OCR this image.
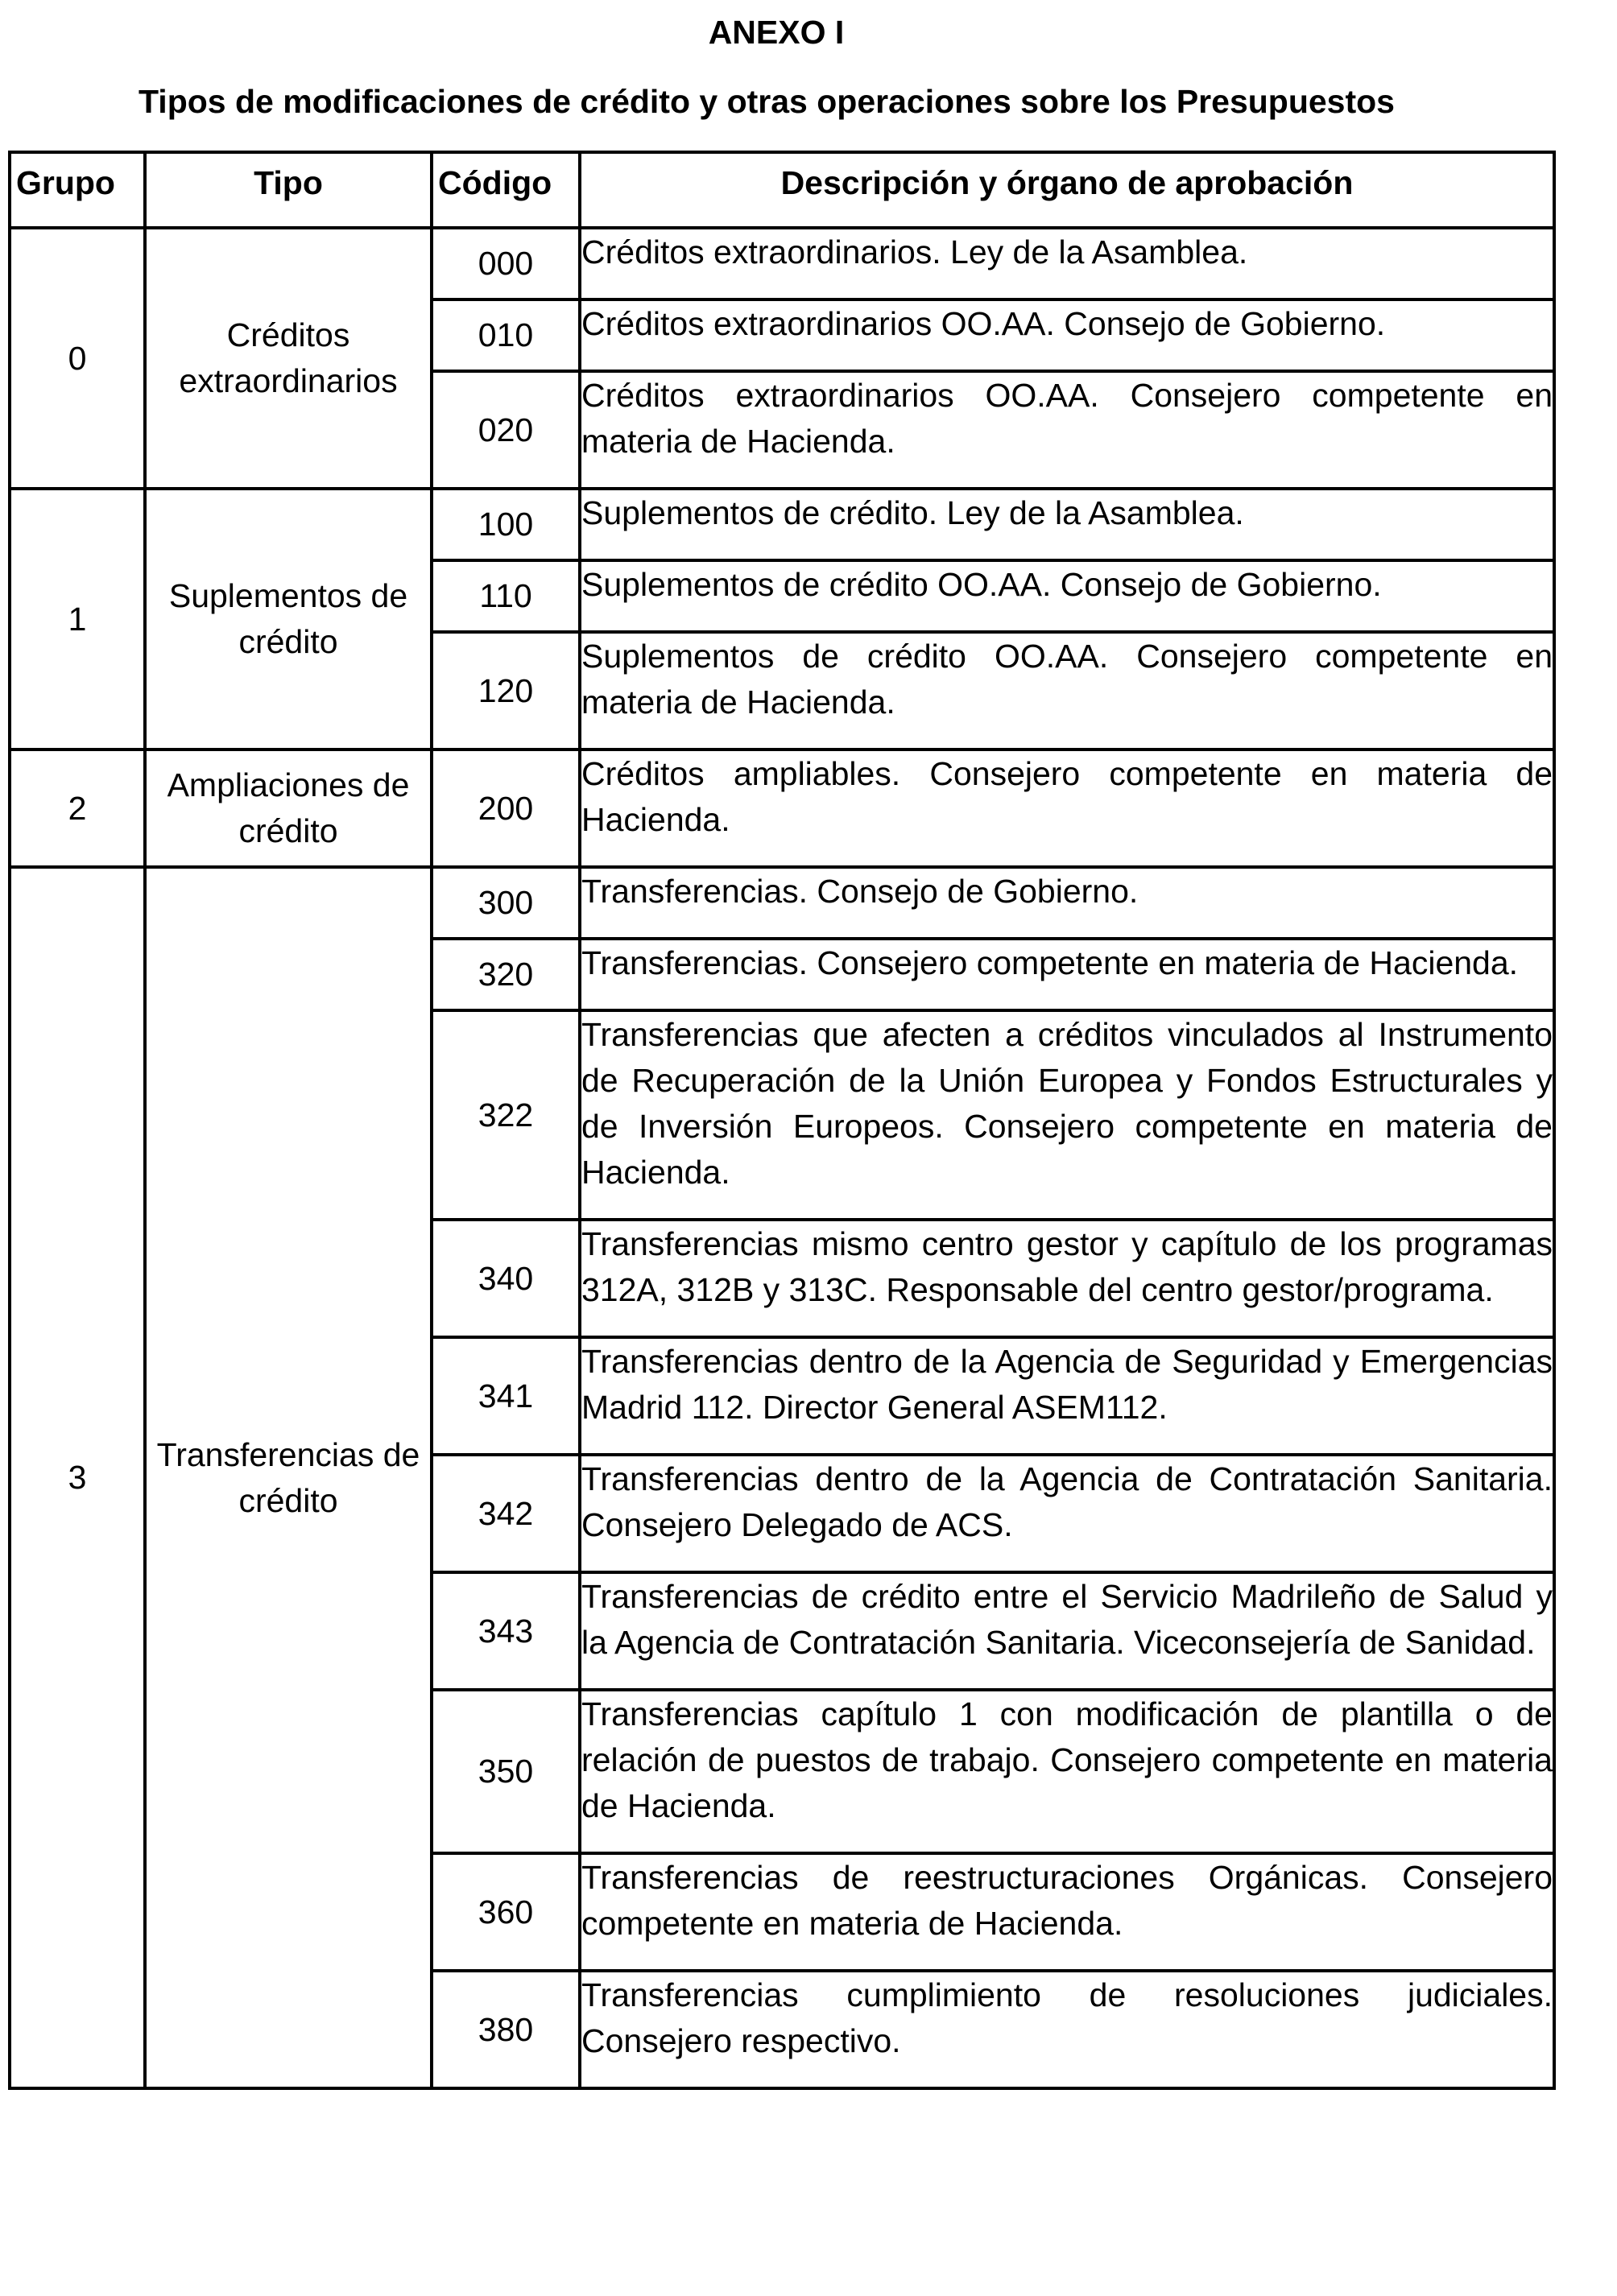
ANEXO I
Tipos de modificaciones de crédito y otras operaciones sobre los Presupuestos
Grupo	Tipo	Código	Descripción y órgano de aprobación
0	Créditos extraordinarios	000	Créditos extraordinarios. Ley de la Asamblea.
		010	Créditos extraordinarios OO.AA. Consejo de Gobierno.
		020	Créditos extraordinarios OO.AA. Consejero competente en materia de Hacienda.
1	Suplementos de crédito	100	Suplementos de crédito. Ley de la Asamblea.
		110	Suplementos de crédito OO.AA. Consejo de Gobierno.
		120	Suplementos de crédito OO.AA. Consejero competente en materia de Hacienda.
2	Ampliaciones de crédito	200	Créditos ampliables. Consejero competente en materia de Hacienda.
3	Transferencias de crédito	300	Transferencias. Consejo de Gobierno.
		320	Transferencias. Consejero competente en materia de Hacienda.
		322	Transferencias que afecten a créditos vinculados al Instrumento de Recuperación de la Unión Europea y Fondos Estructurales y de Inversión Europeos. Consejero competente en materia de Hacienda.
		340	Transferencias mismo centro gestor y capítulo de los programas 312A, 312B y 313C. Responsable del centro gestor/programa.
		341	Transferencias dentro de la Agencia de Seguridad y Emergencias Madrid 112. Director General ASEM112.
		342	Transferencias dentro de la Agencia de Contratación Sanitaria. Consejero Delegado de ACS.
		343	Transferencias de crédito entre el Servicio Madrileño de Salud y la Agencia de Contratación Sanitaria. Viceconsejería de Sanidad.
		350	Transferencias capítulo 1 con modificación de plantilla o de relación de puestos de trabajo. Consejero competente en materia de Hacienda.
		360	Transferencias de reestructuraciones Orgánicas. Consejero competente en materia de Hacienda.
		380	Transferencias cumplimiento de resoluciones judiciales. Consejero respectivo.
